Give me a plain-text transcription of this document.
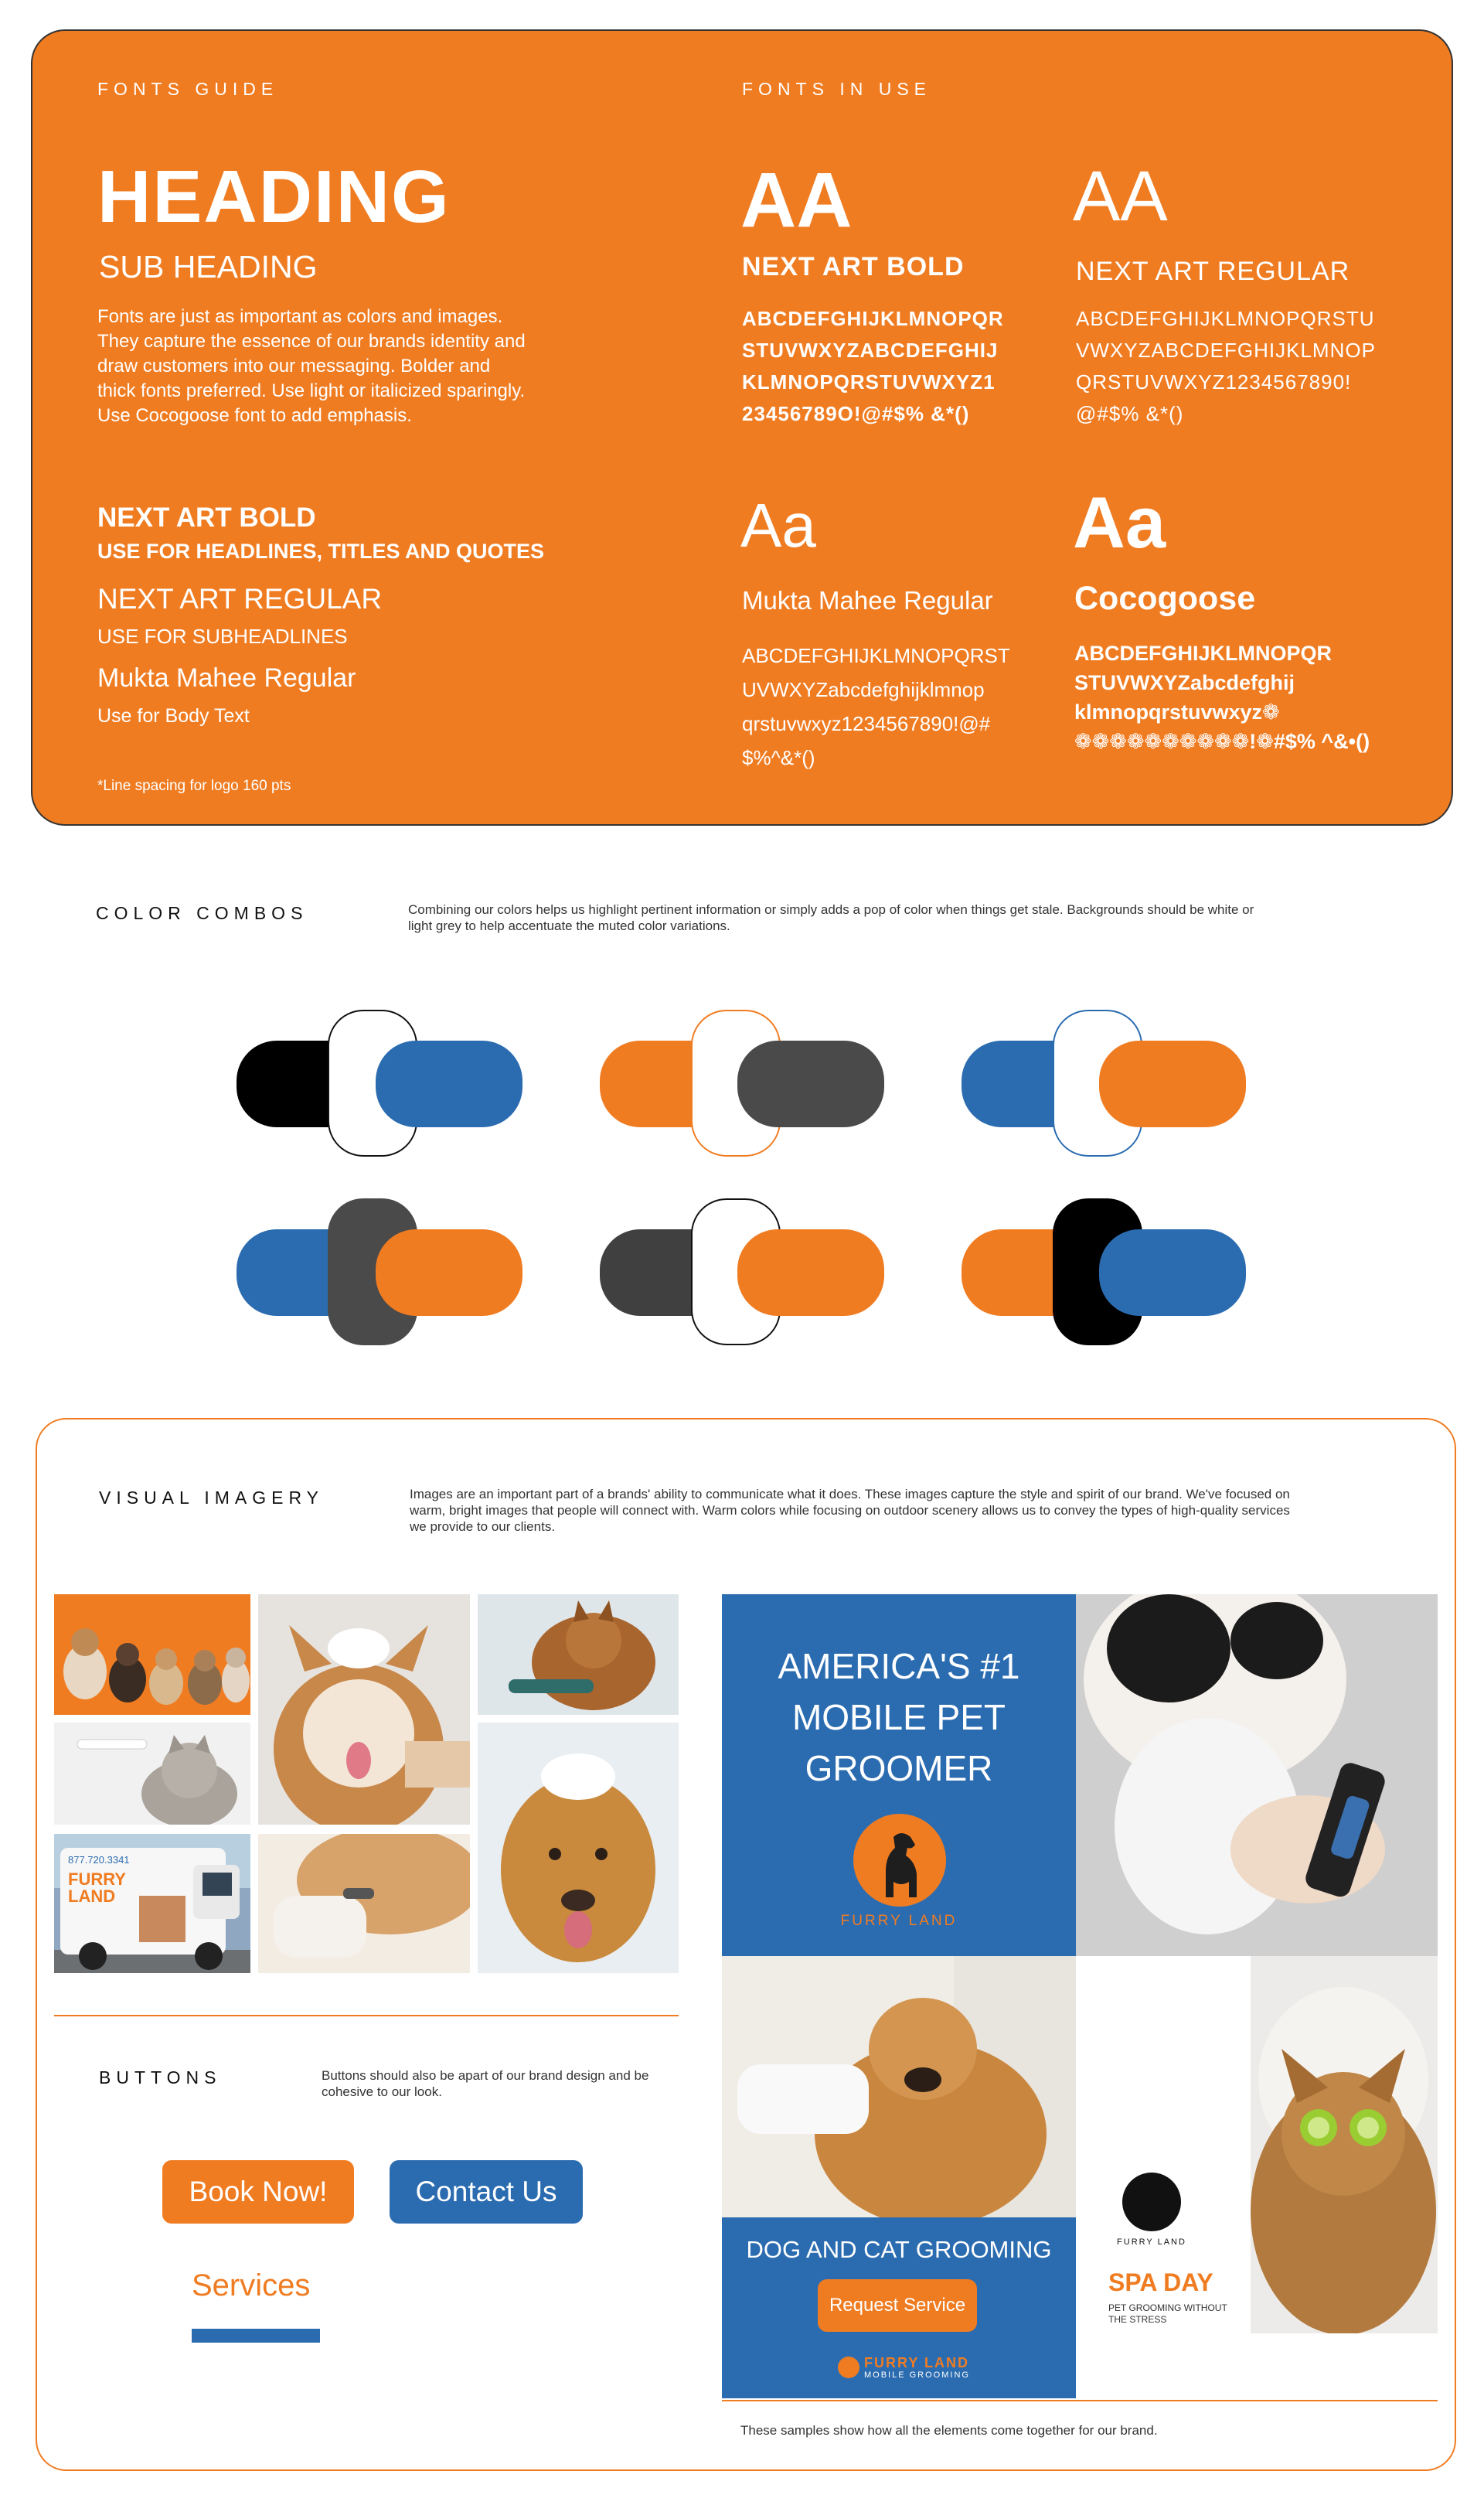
FONTS GUIDE	FONTS IN USE
HEADING
SUB HEADING
Fonts are just as important as colors and images. They capture the essence of our brands identity and draw customers into our messaging. Bolder and thick fonts preferred. Use light or italicized sparingly. Use Cocogoose font to add emphasis.
NEXT ART BOLD
USE FOR HEADLINES, TITLES AND QUOTES
NEXT ART REGULAR
USE FOR SUBHEADLINES
Mukta Mahee Regular
Use for Body Text
*Line spacing for logo 160 pts
AA
NEXT ART BOLD
ABCDEFGHIJKLMNOPQR STUVWXYZABCDEFGHIJ KLMNOPQRSTUVWXYZ1 23456789O!@#$% &*()
AA
NEXT ART REGULAR
ABCDEFGHIJKLMNOPQRSTU VWXYZABCDEFGHIJKLMNOP QRSTUVWXYZ1234567890! @#$% &*()
Aa
Mukta Mahee Regular
ABCDEFGHIJKLMNOPQRST UVWXYZabcdefghijklmnop qrstuvwxyz1234567890!@# $%^&*()
Aa
Cocogoose
ABCDEFGHIJKLMNOPQR STUVWXYZabcdefghij klmnopqrstuvwxyz❁ ❁❁❁❁❁❁❁❁❁❁!❁#$% ^&•()
COLOR COMBOS	Combining our colors helps us highlight pertinent information or simply adds a pop of color when things get stale. Backgrounds should be white or light grey to help accentuate the muted color variations.
VISUAL IMAGERY	Images are an important part of a brands' ability to communicate what it does. These images capture the style and spirit of our brand. We've focused on warm, bright images that people will connect with. Warm colors while focusing on outdoor scenery allows us to convey the types of high-quality services we provide to our clients.
877.720.3341
FURRY LAND
BUTTONS	Buttons should also be apart of our brand design and be cohesive to our look.
Book Now!	Contact Us
Services
AMERICA'S #1 MOBILE PET GROOMER
FURRY LAND
DOG AND CAT GROOMING
Request Service
FURRY LAND
MOBILE GROOMING
FURRY LAND
SPA DAY
PET GROOMING WITHOUT THE STRESS
These samples show how all the elements come together for our brand.
